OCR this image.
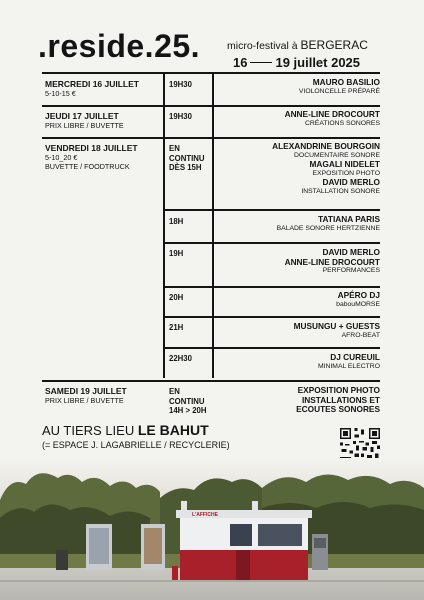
.reside.25.	micro-festival à BERGERAC
16 19 juillet 2025
MERCREDI 16 JUILLET
5-10-15 €
JEUDI 17 JUILLET
PRIX LIBRE / BUVETTE
VENDREDI 18 JUILLET
5-10_20 €
BUVETTE / FOODTRUCK
SAMEDI 19 JUILLET
PRIX LIBRE / BUVETTE
19H30
19H30
EN
CONTINU
DÈS 15H
18H
19H
20H
21H
22H30
EN
CONTINU
14H > 20H
MAURO BASILIO
VIOLONCELLE PRÉPARÉ
ANNE-LINE DROCOURT
CRÉATIONS SONORES
ALEXANDRINE BOURGOIN
DOCUMENTAIRE SONORE
MAGALI NIDELET
EXPOSITION PHOTO
DAVID MERLO
INSTALLATION SONORE
TATIANA PARIS
BALADE SONORE HERTZIENNE
DAVID MERLO
ANNE-LINE DROCOURT
PERFORMANCES
APÉRO DJ
babouMORSE
MUSUNGU + GUESTS
AFRO-BEAT
DJ CUREUIL
MINIMAL ELECTRO
EXPOSITION PHOTO
INSTALLATIONS ET
ECOUTES SONORES
AU TIERS LIEU LE BAHUT
(= ESPACE J. LAGABRIELLE / RECYCLERIE)
L'AFFICHE
